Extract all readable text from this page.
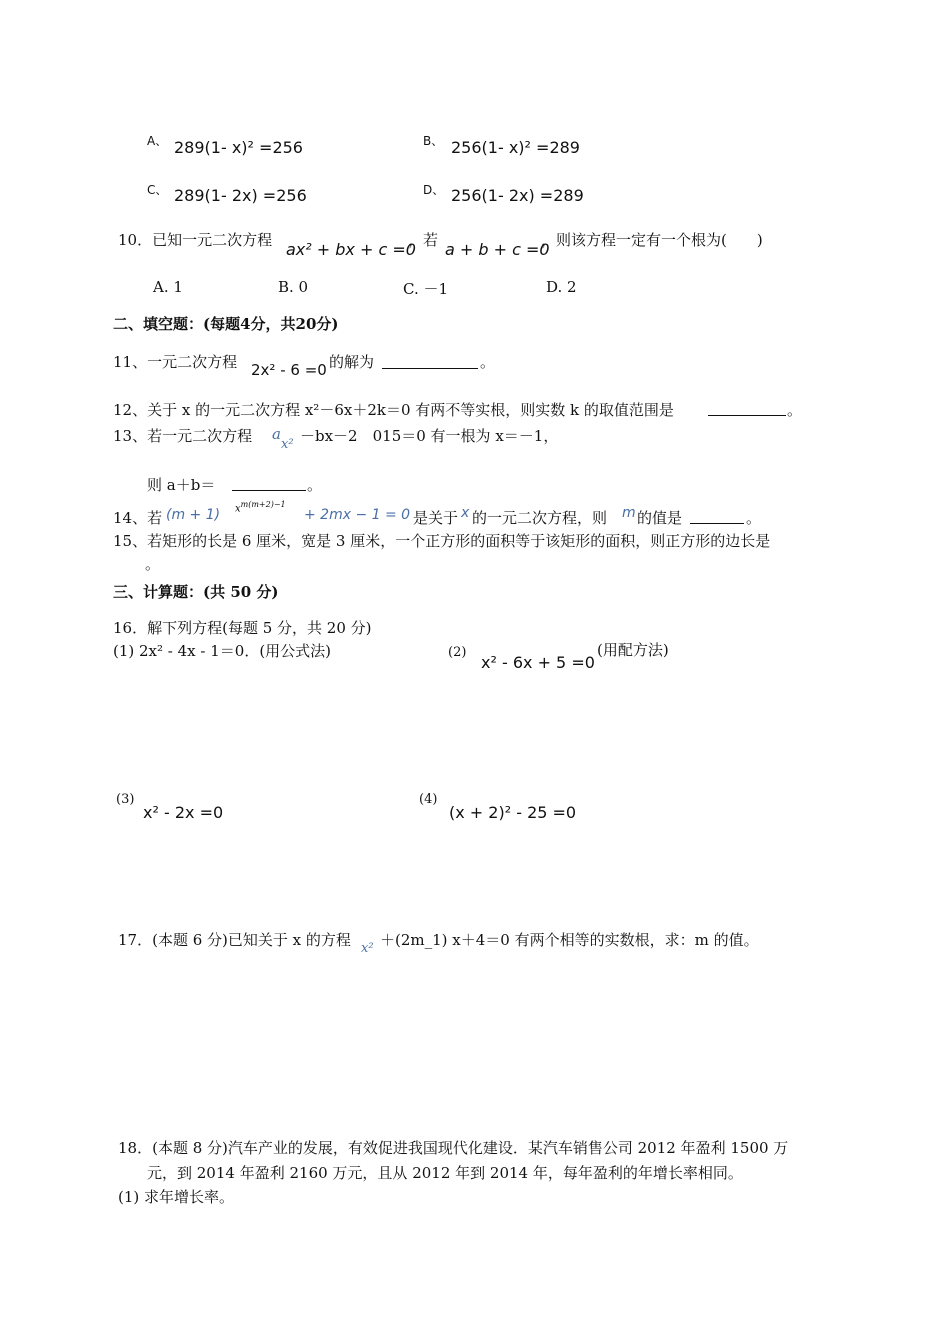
A、 289(1- x)² =256	B、 256(1- x)² =289
C、 289(1- 2x) =256	D、 256(1- 2x) =289
10．已知一元二次方程 ax² + bx + c =0
，若 a + b + c =0
，则该方程一定有一个根为(　　)
A. 1	B. 0	C. －1	D. 2
二、填空题：(每题4分，共20分)
11、一元二次方程 2x² - 6 =0 的解为	。
12、关于 x 的一元二次方程 x²－6x＋2k＝0 有两不等实根，则实数 k 的取值范围是	。
13、若一元二次方程 a
x² －bx－2　015＝0 有一根为 x＝－1，
则 a＋b＝	。
14、若 (m + 1) $x^{m(m+2)-1}$
+ 2mx − 1 = 0 是关于 x 的一元二次方程，则 m 的值是	。
15、若矩形的长是 6 厘米，宽是 3 厘米，一个正方形的面积等于该矩形的面积，则正方形的边长是
。
三、计算题：(共 50 分)
16．解下列方程(每题 5 分，共 20 分)
(1) 2x² - 4x - 1＝0．(用公式法)	(2)
x² - 6x + 5 =0
(用配方法)
(3)
x² - 2x =0
(4)
(x + 2)² - 25 =0
17．(本题 6 分)已知关于 x 的方程 x² ＋(2m_1) x＋4＝0 有两个相等的实数根，求：m 的值。
18．(本题 8 分)汽车产业的发展，有效促进我国现代化建设．某汽车销售公司 2012 年盈利 1500 万
元，到 2014 年盈利 2160 万元，且从 2012 年到 2014 年，每年盈利的年增长率相同。
(1) 求年增长率。
